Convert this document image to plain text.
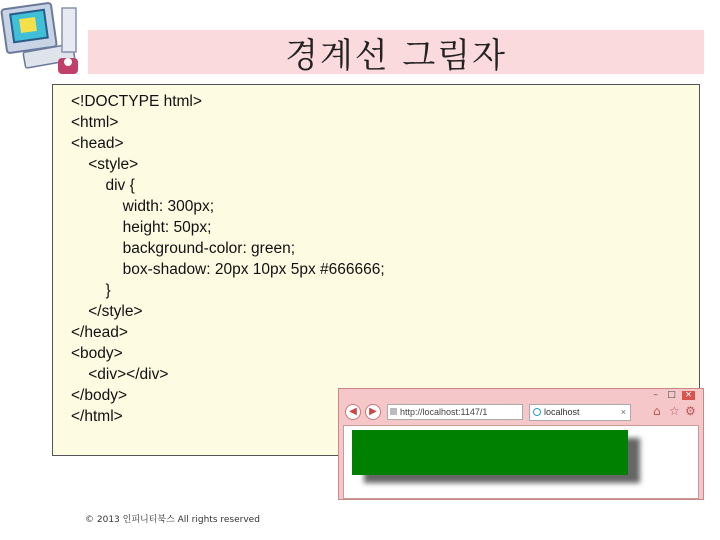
경계선 그림자
<!DOCTYPE html>
<html>
<head>
<style>
div {
width: 300px;
height: 50px;
background-color: green;
box-shadow: 20px 10px 5px #666666;
}
</style>
</head>
<body>
<div></div>
</body>
</html>
–	□ ×
◀	▶	http://localhost:1147/1	localhost	× ⌂ ☆ ⚙
© 2013 인피니티북스 All rights reserved
